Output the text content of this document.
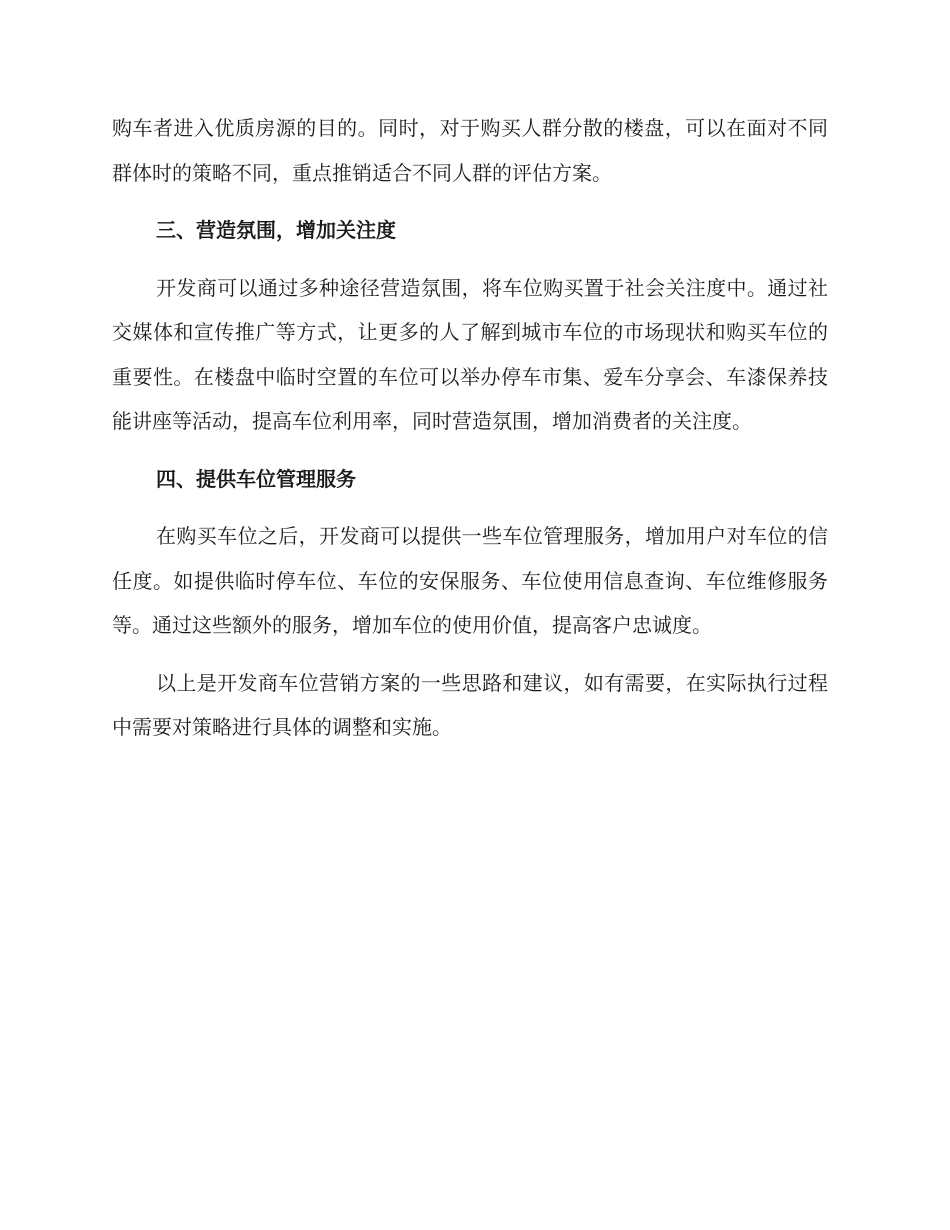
购车者进入优质房源的目的。同时，对于购买人群分散的楼盘，可以在面对不同群体时的策略不同，重点推销适合不同人群的评估方案。

三、营造氛围，增加关注度

开发商可以通过多种途径营造氛围，将车位购买置于社会关注度中。通过社交媒体和宣传推广等方式，让更多的人了解到城市车位的市场现状和购买车位的重要性。在楼盘中临时空置的车位可以举办停车市集、爱车分享会、车漆保养技能讲座等活动，提高车位利用率，同时营造氛围，增加消费者的关注度。

四、提供车位管理服务

在购买车位之后，开发商可以提供一些车位管理服务，增加用户对车位的信任度。如提供临时停车位、车位的安保服务、车位使用信息查询、车位维修服务等。通过这些额外的服务，增加车位的使用价值，提高客户忠诚度。

以上是开发商车位营销方案的一些思路和建议，如有需要，在实际执行过程中需要对策略进行具体的调整和实施。
